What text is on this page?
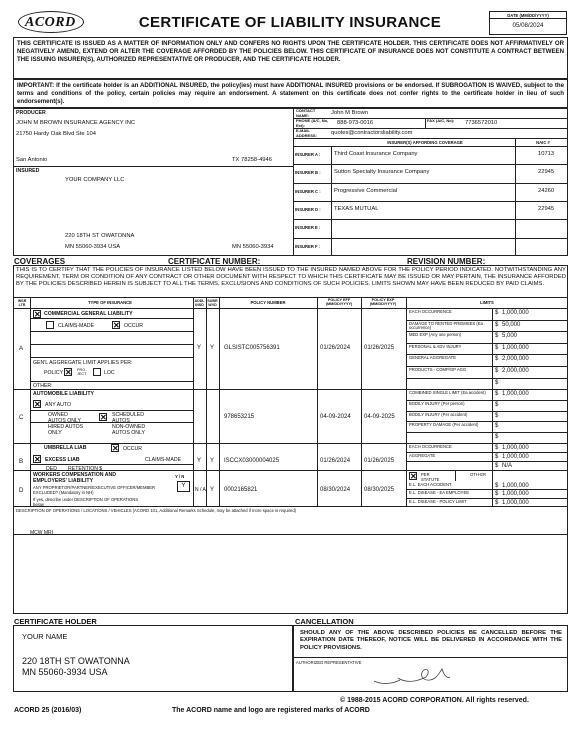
ACORD	CERTIFICATE OF LIABILITY INSURANCE	DATE (MM/DD/YYYY)
05/08/2024
THIS CERTIFICATE IS ISSUED AS A MATTER OF INFORMATION ONLY AND CONFERS NO RIGHTS UPON THE CERTIFICATE HOLDER. THIS CERTIFICATE DOES NOT AFFIRMATIVELY OR NEGATIVELY AMEND, EXTEND OR ALTER THE COVERAGE AFFORDED BY THE POLICIES BELOW. THIS CERTIFICATE OF INSURANCE DOES NOT CONSTITUTE A CONTRACT BETWEEN THE ISSUING INSURER(S), AUTHORIZED REPRESENTATIVE OR PRODUCER, AND THE CERTIFICATE HOLDER.
IMPORTANT: If the certificate holder is an ADDITIONAL INSURED, the policy(ies) must have ADDITIONAL INSURED provisions or be endorsed. If SUBROGATION IS WAIVED, subject to the terms and conditions of the policy, certain policies may require an endorsement. A statement on this certificate does not confer rights to the certificate holder in lieu of such endorsement(s).
PRODUCER
JOHN M BROWN INSURANCE AGENCY INC
21750 Hardy Oak Blvd Ste 104
San Antonio	TX 78258-4946
INSURED
YOUR COMPANY LLC
220 18TH ST OWATONNA
MN 55060-3934 USA	MN 55060-3934
CONTACT NAME:	John M Brown
PHONE (A/C, No, Ext):	888-973-0016	FAX (A/C, No): 7736572010
E-MAIL ADDRESS:	quotes@contractorsliability.com
INSURER(S) AFFORDING COVERAGE	NAIC #
INSURER A : Third Coast Insurance Company	10713
INSURER B : Sutton Specialty Insurance Company	22945
INSURER C : Progressive Commercial	24260
INSURER D : TEXAS MUTUAL	22945
INSURER E :
INSURER F :
COVERAGES	CERTIFICATE NUMBER:	REVISION NUMBER:
THIS IS TO CERTIFY THAT THE POLICIES OF INSURANCE LISTED BELOW HAVE BEEN ISSUED TO THE INSURED NAMED ABOVE FOR THE POLICY PERIOD INDICATED. NOTWITHSTANDING ANY REQUIREMENT, TERM OR CONDITION OF ANY CONTRACT OR OTHER DOCUMENT WITH RESPECT TO WHICH THIS CERTIFICATE MAY BE ISSUED OR MAY PERTAIN, THE INSURANCE AFFORDED BY THE POLICIES DESCRIBED HEREIN IS SUBJECT TO ALL THE TERMS, EXCLUSIONS AND CONDITIONS OF SUCH POLICIES. LIMITS SHOWN MAY HAVE BEEN REDUCED BY PAID CLAIMS.
INSR LTR
TYPE OF INSURANCE	ADDL INSD
SUBR WVD
POLICY NUMBER	POLICY EFF (MM/DD/YYYY)
POLICY EXP (MM/DD/YYYY)	LIMITS
A
✕ COMMERCIAL GENERAL LIABILITY
CLAIMS-MADE ✕ OCCUR
GEN'L AGGREGATE LIMIT APPLIES PER:
POLICY ✕ PRO-JECT	LOC
OTHER:
Y Y GLSISTC005756391	01/26/2024 01/26/2025
EACH OCCURRENCE	$ 1,000,000
DAMAGE TO RENTED PREMISES (Ea occurrence)
$ 50,000
MED EXP (Any one person)	$ 5,000
PERSONAL & ADV INJURY	$ 1,000,000
GENERAL AGGREGATE	$ 2,000,000
PRODUCTS - COMP/OP AGG	$ 2,000,000
$
C
AUTOMOBILE LIABILITY
✕ ANY AUTO
OWNED AUTOS ONLY	✕ SCHEDULED AUTOS
HIRED AUTOS ONLY
NON-OWNED AUTOS ONLY
978653215	04-09-2024 04-09-2025
COMBINED SINGLE LIMIT (Ea accident)	$ 1,000,000
BODILY INJURY (Per person)	$
BODILY INJURY (Per accident)	$
PROPERTY DAMAGE (Per accident)	$
$
B
UMBRELLA LIAB	✕ OCCUR
✕ EXCESS LIAB	CLAIMS-MADE
DED RETENTION $
Y Y ISCCX03000004025	01/26/2024 01/26/2025
EACH OCCURRENCE	$ 1,000,000
AGGREGATE	$ 1,000,000
$ N/A
D
WORKERS COMPENSATION AND EMPLOYERS' LIABILITY
Y / N
ANY PROPRIETOR/PARTNER/EXECUTIVE OFFICER/MEMBER EXCLUDED? (Mandatory in NH)
Y
If yes, describe under DESCRIPTION OF OPERATIONS below
N / A Y 0002165821	08/30/2024 08/30/2025
✕ PER STATUTE
OTH-ER
E.L. EACH ACCIDENT	$ 1,000,000
E.L. DISEASE - EA EMPLOYEE	$ 1,000,000
E.L. DISEASE - POLICY LIMIT	$ 1,000,000
DESCRIPTION OF OPERATIONS / LOCATIONS / VEHICLES (ACORD 101, Additional Remarks Schedule, may be attached if more space is required)
MCW MRI
CERTIFICATE HOLDER	CANCELLATION
YOUR NAME
220 18TH ST OWATONNA
MN 55060-3934 USA
SHOULD ANY OF THE ABOVE DESCRIBED POLICIES BE CANCELLED BEFORE THE EXPIRATION DATE THEREOF, NOTICE WILL BE DELIVERED IN ACCORDANCE WITH THE POLICY PROVISIONS.
AUTHORIZED REPRESENTATIVE
© 1988-2015 ACORD CORPORATION. All rights reserved.
ACORD 25 (2016/03)	The ACORD name and logo are registered marks of ACORD
